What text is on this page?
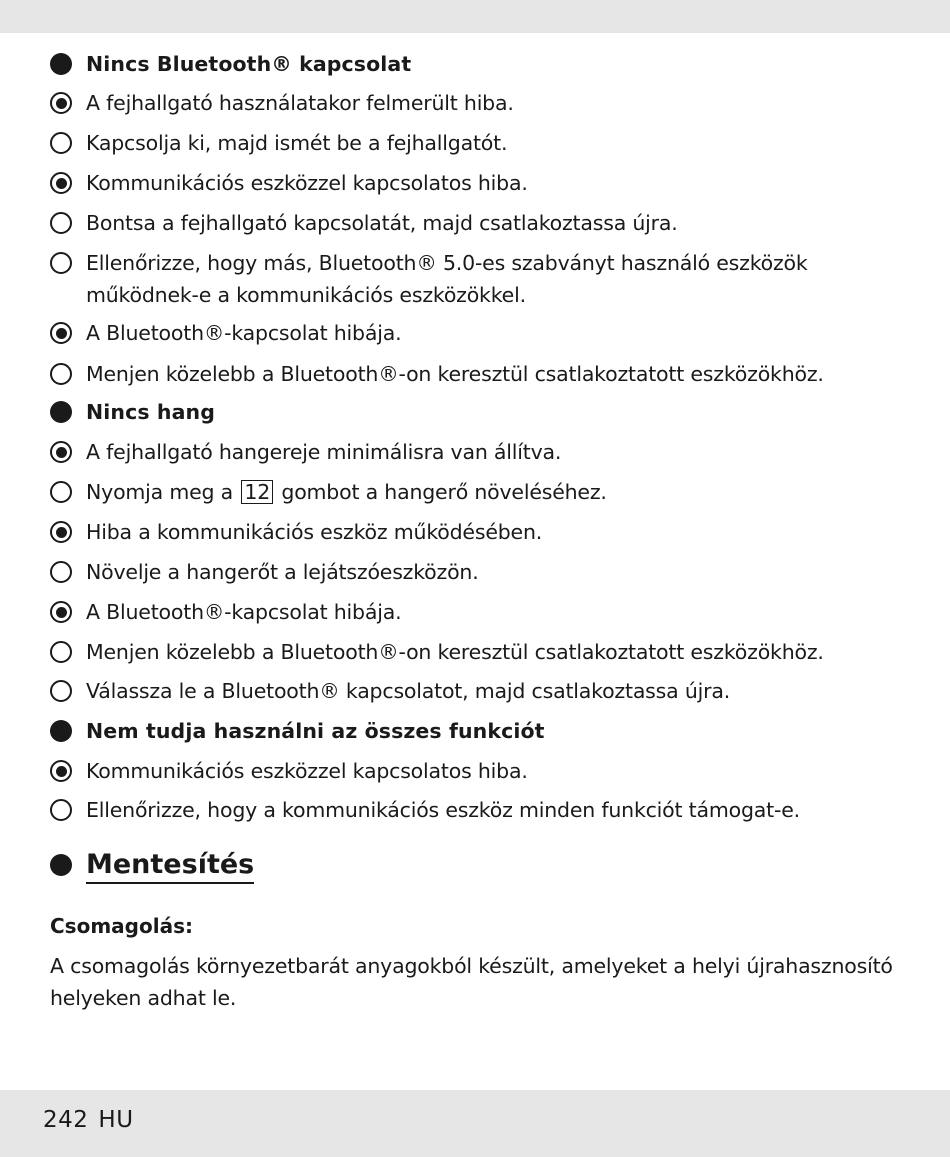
Nincs Bluetooth® kapcsolat
A fejhallgató használatakor felmerült hiba.
Kapcsolja ki, majd ismét be a fejhallgatót.
Kommunikációs eszközzel kapcsolatos hiba.
Bontsa a fejhallgató kapcsolatát, majd csatlakoztassa újra.
Ellenőrizze, hogy más, Bluetooth® 5.0-es szabványt használó eszközök
működnek-e a kommunikációs eszközökkel.
A Bluetooth®-kapcsolat hibája.
Menjen közelebb a Bluetooth®-on keresztül csatlakoztatott eszközökhöz.
Nincs hang
A fejhallgató hangereje minimálisra van állítva.
Nyomja meg a 12 gombot a hangerő növeléséhez.
Hiba a kommunikációs eszköz működésében.
Növelje a hangerőt a lejátszóeszközön.
A Bluetooth®-kapcsolat hibája.
Menjen közelebb a Bluetooth®-on keresztül csatlakoztatott eszközökhöz.
Válassza le a Bluetooth® kapcsolatot, majd csatlakoztassa újra.
Nem tudja használni az összes funkciót
Kommunikációs eszközzel kapcsolatos hiba.
Ellenőrizze, hogy a kommunikációs eszköz minden funkciót támogat-e.
Mentesítés
Csomagolás:
A csomagolás környezetbarát anyagokból készült, amelyeket a helyi újrahasznosító helyeken adhat le.
242 HU
